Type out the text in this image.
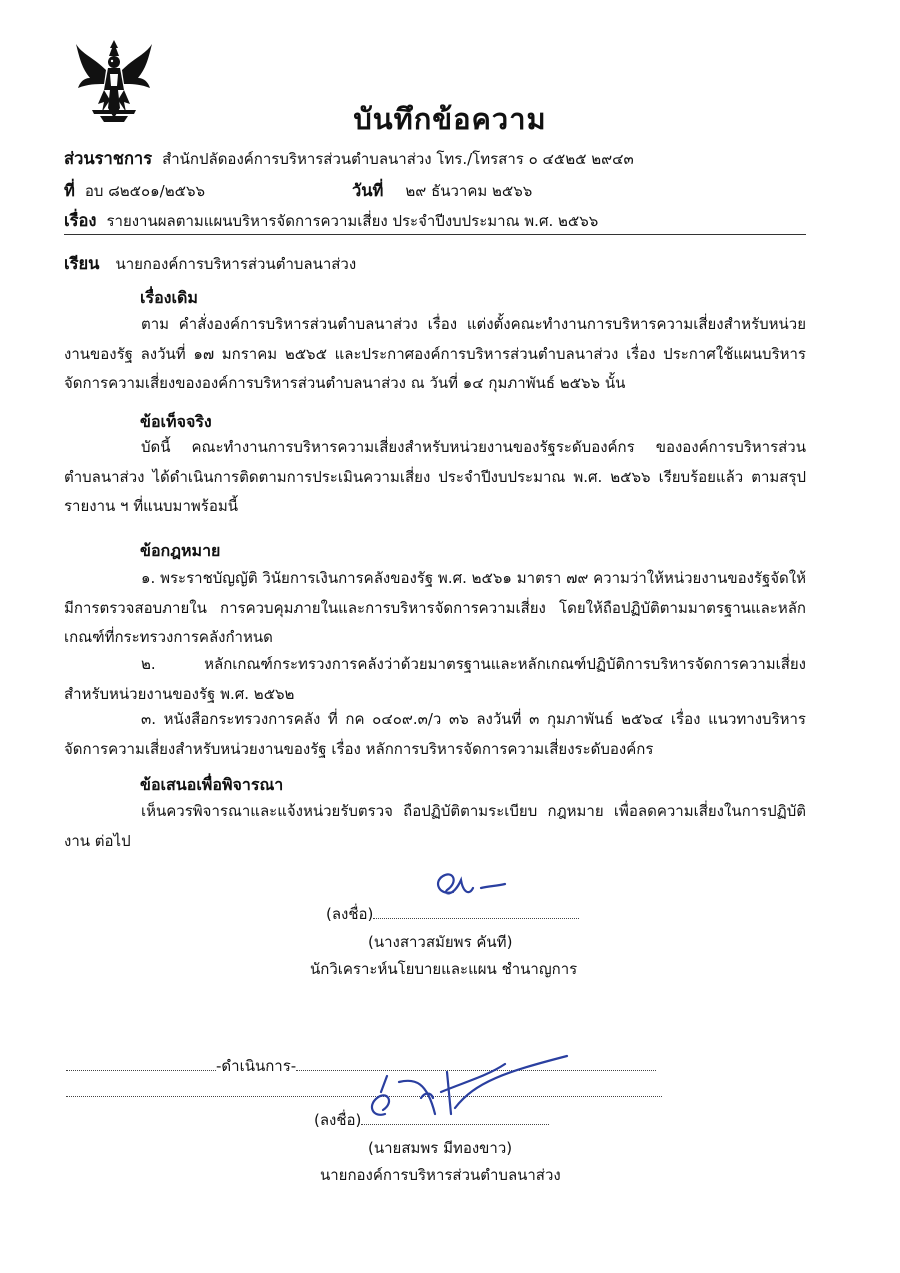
บันทึกข้อความ
ส่วนราชการ สำนักปลัดองค์การบริหารส่วนตำบลนาส่วง โทร./โทรสาร ๐ ๔๕๒๕ ๒๙๔๓
ที่ อบ ๘๒๕๐๑/๒๕๖๖	วันที่ ๒๙ ธันวาคม ๒๕๖๖
เรื่อง รายงานผลตามแผนบริหารจัดการความเสี่ยง ประจำปีงบประมาณ พ.ศ. ๒๕๖๖
เรียน นายกองค์การบริหารส่วนตำบลนาส่วง
เรื่องเดิม
ตาม คำสั่งองค์การบริหารส่วนตำบลนาส่วง เรื่อง แต่งตั้งคณะทำงานการบริหารความเสี่ยงสำหรับหน่วยงานของรัฐ ลงวันที่ ๑๗ มกราคม ๒๕๖๕ และประกาศองค์การบริหารส่วนตำบลนาส่วง เรื่อง ประกาศใช้แผนบริหารจัดการความเสี่ยงขององค์การบริหารส่วนตำบลนาส่วง ณ วันที่ ๑๔ กุมภาพันธ์ ๒๕๖๖ นั้น
ข้อเท็จจริง
บัดนี้ คณะทำงานการบริหารความเสี่ยงสำหรับหน่วยงานของรัฐระดับองค์กร ขององค์การบริหารส่วนตำบลนาส่วง ได้ดำเนินการติดตามการประเมินความเสี่ยง ประจำปีงบประมาณ พ.ศ. ๒๕๖๖ เรียบร้อยแล้ว ตามสรุปรายงาน ฯ ที่แนบมาพร้อมนี้
ข้อกฎหมาย
๑. พระราชบัญญัติ วินัยการเงินการคลังของรัฐ พ.ศ. ๒๕๖๑ มาตรา ๗๙ ความว่าให้หน่วยงานของรัฐจัดให้มีการตรวจสอบภายใน การควบคุมภายในและการบริหารจัดการความเสี่ยง โดยให้ถือปฏิบัติตามมาตรฐานและหลักเกณฑ์ที่กระทรวงการคลังกำหนด
๒. หลักเกณฑ์กระทรวงการคลังว่าด้วยมาตรฐานและหลักเกณฑ์ปฏิบัติการบริหารจัดการความเสี่ยงสำหรับหน่วยงานของรัฐ พ.ศ. ๒๕๖๒
๓. หนังสือกระทรวงการคลัง ที่ กค ๐๔๐๙.๓/ว ๓๖ ลงวันที่ ๓ กุมภาพันธ์ ๒๕๖๔ เรื่อง แนวทางบริหารจัดการความเสี่ยงสำหรับหน่วยงานของรัฐ เรื่อง หลักการบริหารจัดการความเสี่ยงระดับองค์กร
ข้อเสนอเพื่อพิจารณา
เห็นควรพิจารณาและแจ้งหน่วยรับตรวจ ถือปฏิบัติตามระเบียบ กฎหมาย เพื่อลดความเสี่ยงในการปฏิบัติงาน ต่อไป
(ลงชื่อ)
(นางสาวสมัยพร คันที)
นักวิเคราะห์นโยบายและแผน ชำนาญการ
-ดำเนินการ-
(ลงชื่อ)
(นายสมพร มีทองขาว)
นายกองค์การบริหารส่วนตำบลนาส่วง
